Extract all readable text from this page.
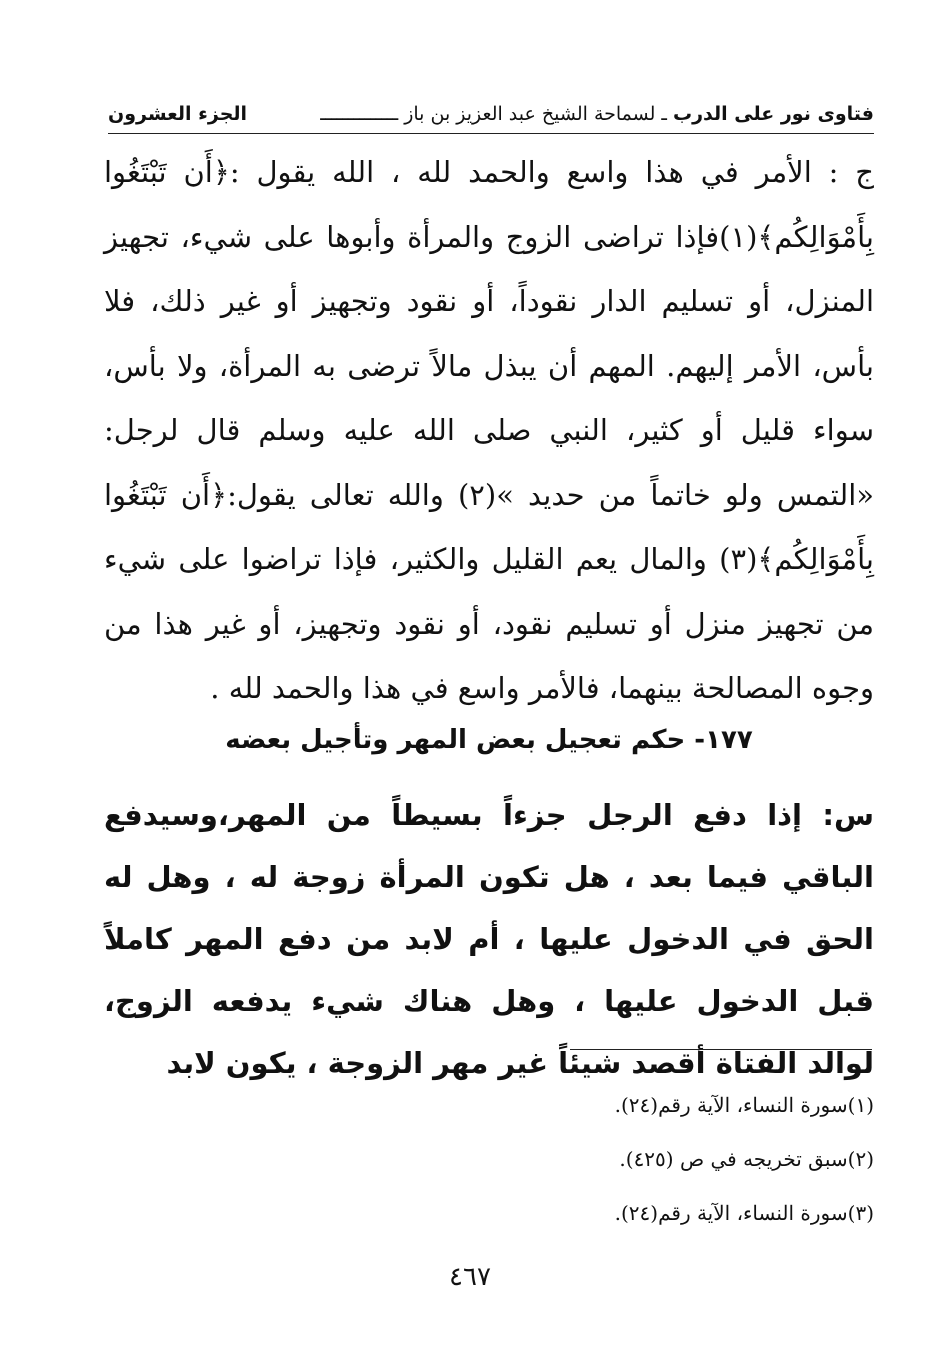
فتاوى نور على الدرب
ـ لسماحة الشيخ عبد العزيز بن باز ــــــــــــــ
الجزء العشرون

ج : الأمر في هذا واسع والحمد لله ، الله يقول :﴿أَن تَبْتَغُوا بِأَمْوَالِكُم﴾(١)فإذا تراضى الزوج والمرأة وأبوها على شيء، تجهيز المنزل، أو تسليم الدار نقوداً، أو نقود وتجهيز أو غير ذلك، فلا بأس، الأمر إليهم. المهم أن يبذل مالاً ترضى به المرأة، ولا بأس، سواء قليل أو كثير، النبي صلى الله عليه وسلم قال لرجل: «التمس ولو خاتماً من حديد »(٢) والله تعالى يقول:﴿أَن تَبْتَغُوا بِأَمْوَالِكُم﴾(٣) والمال يعم القليل والكثير، فإذا تراضوا على شيء من تجهيز منزل أو تسليم نقود، أو نقود وتجهيز، أو غير هذا من وجوه المصالحة بينهما، فالأمر واسع في هذا والحمد لله .

١٧٧- حكم تعجيل بعض المهر وتأجيل بعضه

س: إذا دفع الرجل جزءاً بسيطاً من المهر،وسيدفع الباقي فيما بعد ، هل تكون المرأة زوجة له ، وهل له الحق في الدخول عليها ، أم لابد من دفع المهر كاملاً قبل الدخول عليها ، وهل هناك شيء يدفعه الزوج، لوالد الفتاة أقصد شيئاً غير مهر الزوجة ، يكون لابد

(١)سورة النساء، الآية رقم(٢٤).
(٢)سبق تخريجه في ص (٤٢٥).
(٣)سورة النساء، الآية رقم(٢٤).
٤٦٧
